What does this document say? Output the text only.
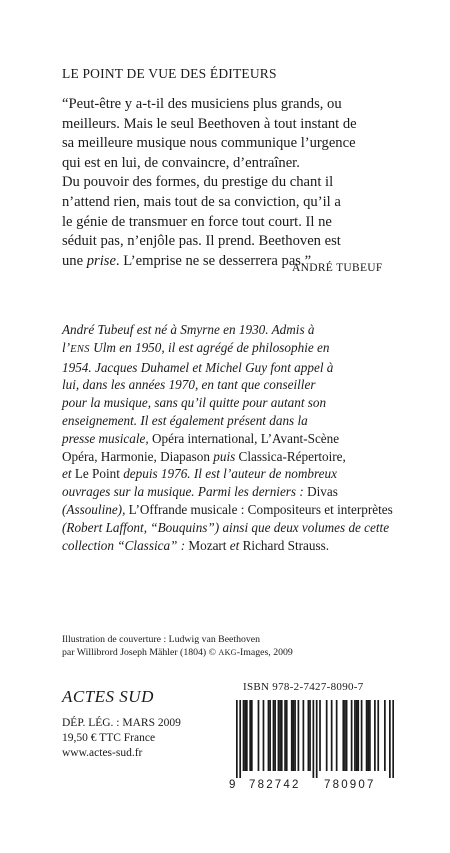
LE POINT DE VUE DES ÉDITEURS
“Peut-être y a-t-il des musiciens plus grands, ou
meilleurs. Mais le seul Beethoven à tout instant de
sa meilleure musique nous communique l’urgence
qui est en lui, de convaincre, d’entraîner.
Du pouvoir des formes, du prestige du chant il
n’attend rien, mais tout de sa conviction, qu’il a
le génie de transmuer en force tout court. Il ne
séduit pas, n’enjôle pas. Il prend. Beethoven est
une prise. L’emprise ne se desserrera pas.”
ANDRÉ TUBEUF
André Tubeuf est né à Smyrne en 1930. Admis à
l’ENS Ulm en 1950, il est agrégé de philosophie en
1954. Jacques Duhamel et Michel Guy font appel à
lui, dans les années 1970, en tant que conseiller
pour la musique, sans qu’il quitte pour autant son
enseignement. Il est également présent dans la
presse musicale, Opéra international, L’Avant-Scène
Opéra, Harmonie, Diapason puis Classica-Répertoire,
et Le Point depuis 1976. Il est l’auteur de nombreux
ouvrages sur la musique. Parmi les derniers : Divas
(Assouline), L’Offrande musicale : Compositeurs et interprètes
(Robert Laffont, “Bouquins”) ainsi que deux volumes de cette collection “Classica” : Mozart et Richard Strauss.
Illustration de couverture : Ludwig van Beethoven
par Willibrord Joseph Mähler (1804) © AKG-Images, 2009
ACTES SUD
DÉP. LÉG. : MARS 2009
19,50 € TTC France
www.actes-sud.fr
ISBN 978-2-7427-8090-7
9 782742 780907
